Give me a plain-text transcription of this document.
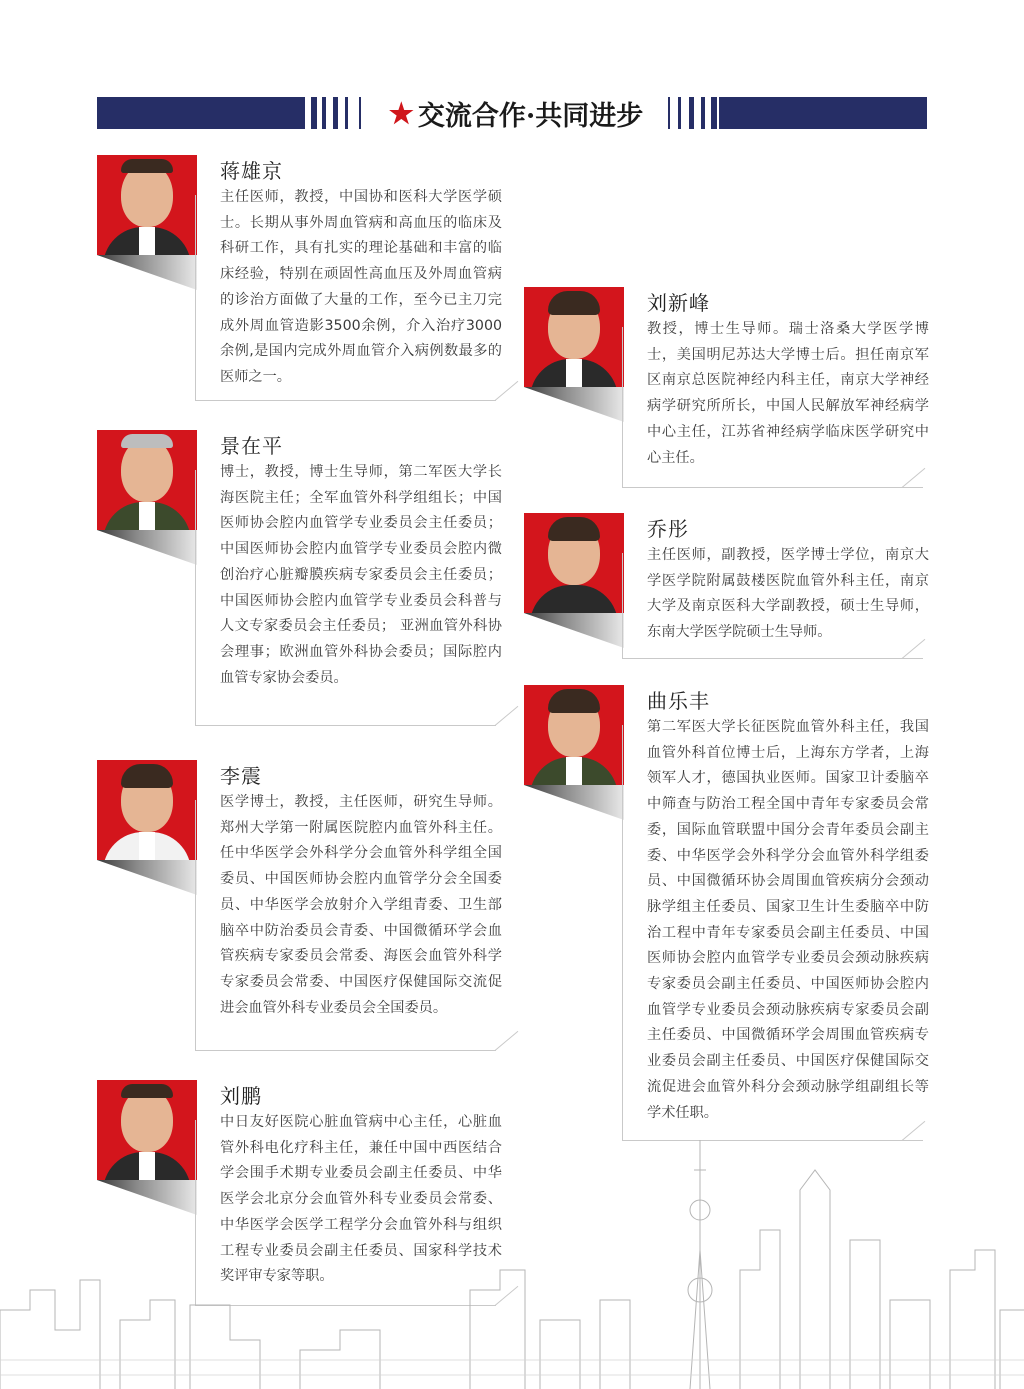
★ 交流合作·共同进步
蒋雄京
主任医师，教授，中国协和医科大学医学硕士。长期从事外周血管病和高血压的临床及科研工作，具有扎实的理论基础和丰富的临床经验，特别在顽固性高血压及外周血管病的诊治方面做了大量的工作，至今已主刀完成外周血管造影3500余例，介入治疗3000余例,是国内完成外周血管介入病例数最多的医师之一。
景在平
博士，教授，博士生导师，第二军医大学长海医院主任；全军血管外科学组组长；中国医师协会腔内血管学专业委员会主任委员；中国医师协会腔内血管学专业委员会腔内微创治疗心脏瓣膜疾病专家委员会主任委员； 中国医师协会腔内血管学专业委员会科普与人文专家委员会主任委员； 亚洲血管外科协会理事；欧洲血管外科协会委员；国际腔内血管专家协会委员。
李震
医学博士，教授，主任医师，研究生导师。郑州大学第一附属医院腔内血管外科主任。任中华医学会外科学分会血管外科学组全国委员、中国医师协会腔内血管学分会全国委员、中华医学会放射介入学组青委、卫生部脑卒中防治委员会青委、中国微循环学会血管疾病专家委员会常委、海医会血管外科学专家委员会常委、中国医疗保健国际交流促进会血管外科专业委员会全国委员。
刘鹏
中日友好医院心脏血管病中心主任，心脏血管外科电化疗科主任，兼任中国中西医结合学会围手术期专业委员会副主任委员、中华医学会北京分会血管外科专业委员会常委、中华医学会医学工程学分会血管外科与组织工程专业委员会副主任委员、国家科学技术奖评审专家等职。
刘新峰
教授，博士生导师。瑞士洛桑大学医学博士，美国明尼苏达大学博士后。担任南京军区南京总医院神经内科主任，南京大学神经病学研究所所长，中国人民解放军神经病学中心主任，江苏省神经病学临床医学研究中心主任。
乔彤
主任医师，副教授，医学博士学位，南京大学医学院附属鼓楼医院血管外科主任，南京大学及南京医科大学副教授，硕士生导师，东南大学医学院硕士生导师。
曲乐丰
第二军医大学长征医院血管外科主任，我国血管外科首位博士后，上海东方学者，上海领军人才，德国执业医师。国家卫计委脑卒中筛查与防治工程全国中青年专家委员会常委，国际血管联盟中国分会青年委员会副主委、中华医学会外科学分会血管外科学组委员、中国微循环协会周围血管疾病分会颈动脉学组主任委员、国家卫生计生委脑卒中防治工程中青年专家委员会副主任委员、中国医师协会腔内血管学专业委员会颈动脉疾病专家委员会副主任委员、中国医师协会腔内血管学专业委员会颈动脉疾病专家委员会副主任委员、中国微循环学会周围血管疾病专业委员会副主任委员、中国医疗保健国际交流促进会血管外科分会颈动脉学组副组长等学术任职。
